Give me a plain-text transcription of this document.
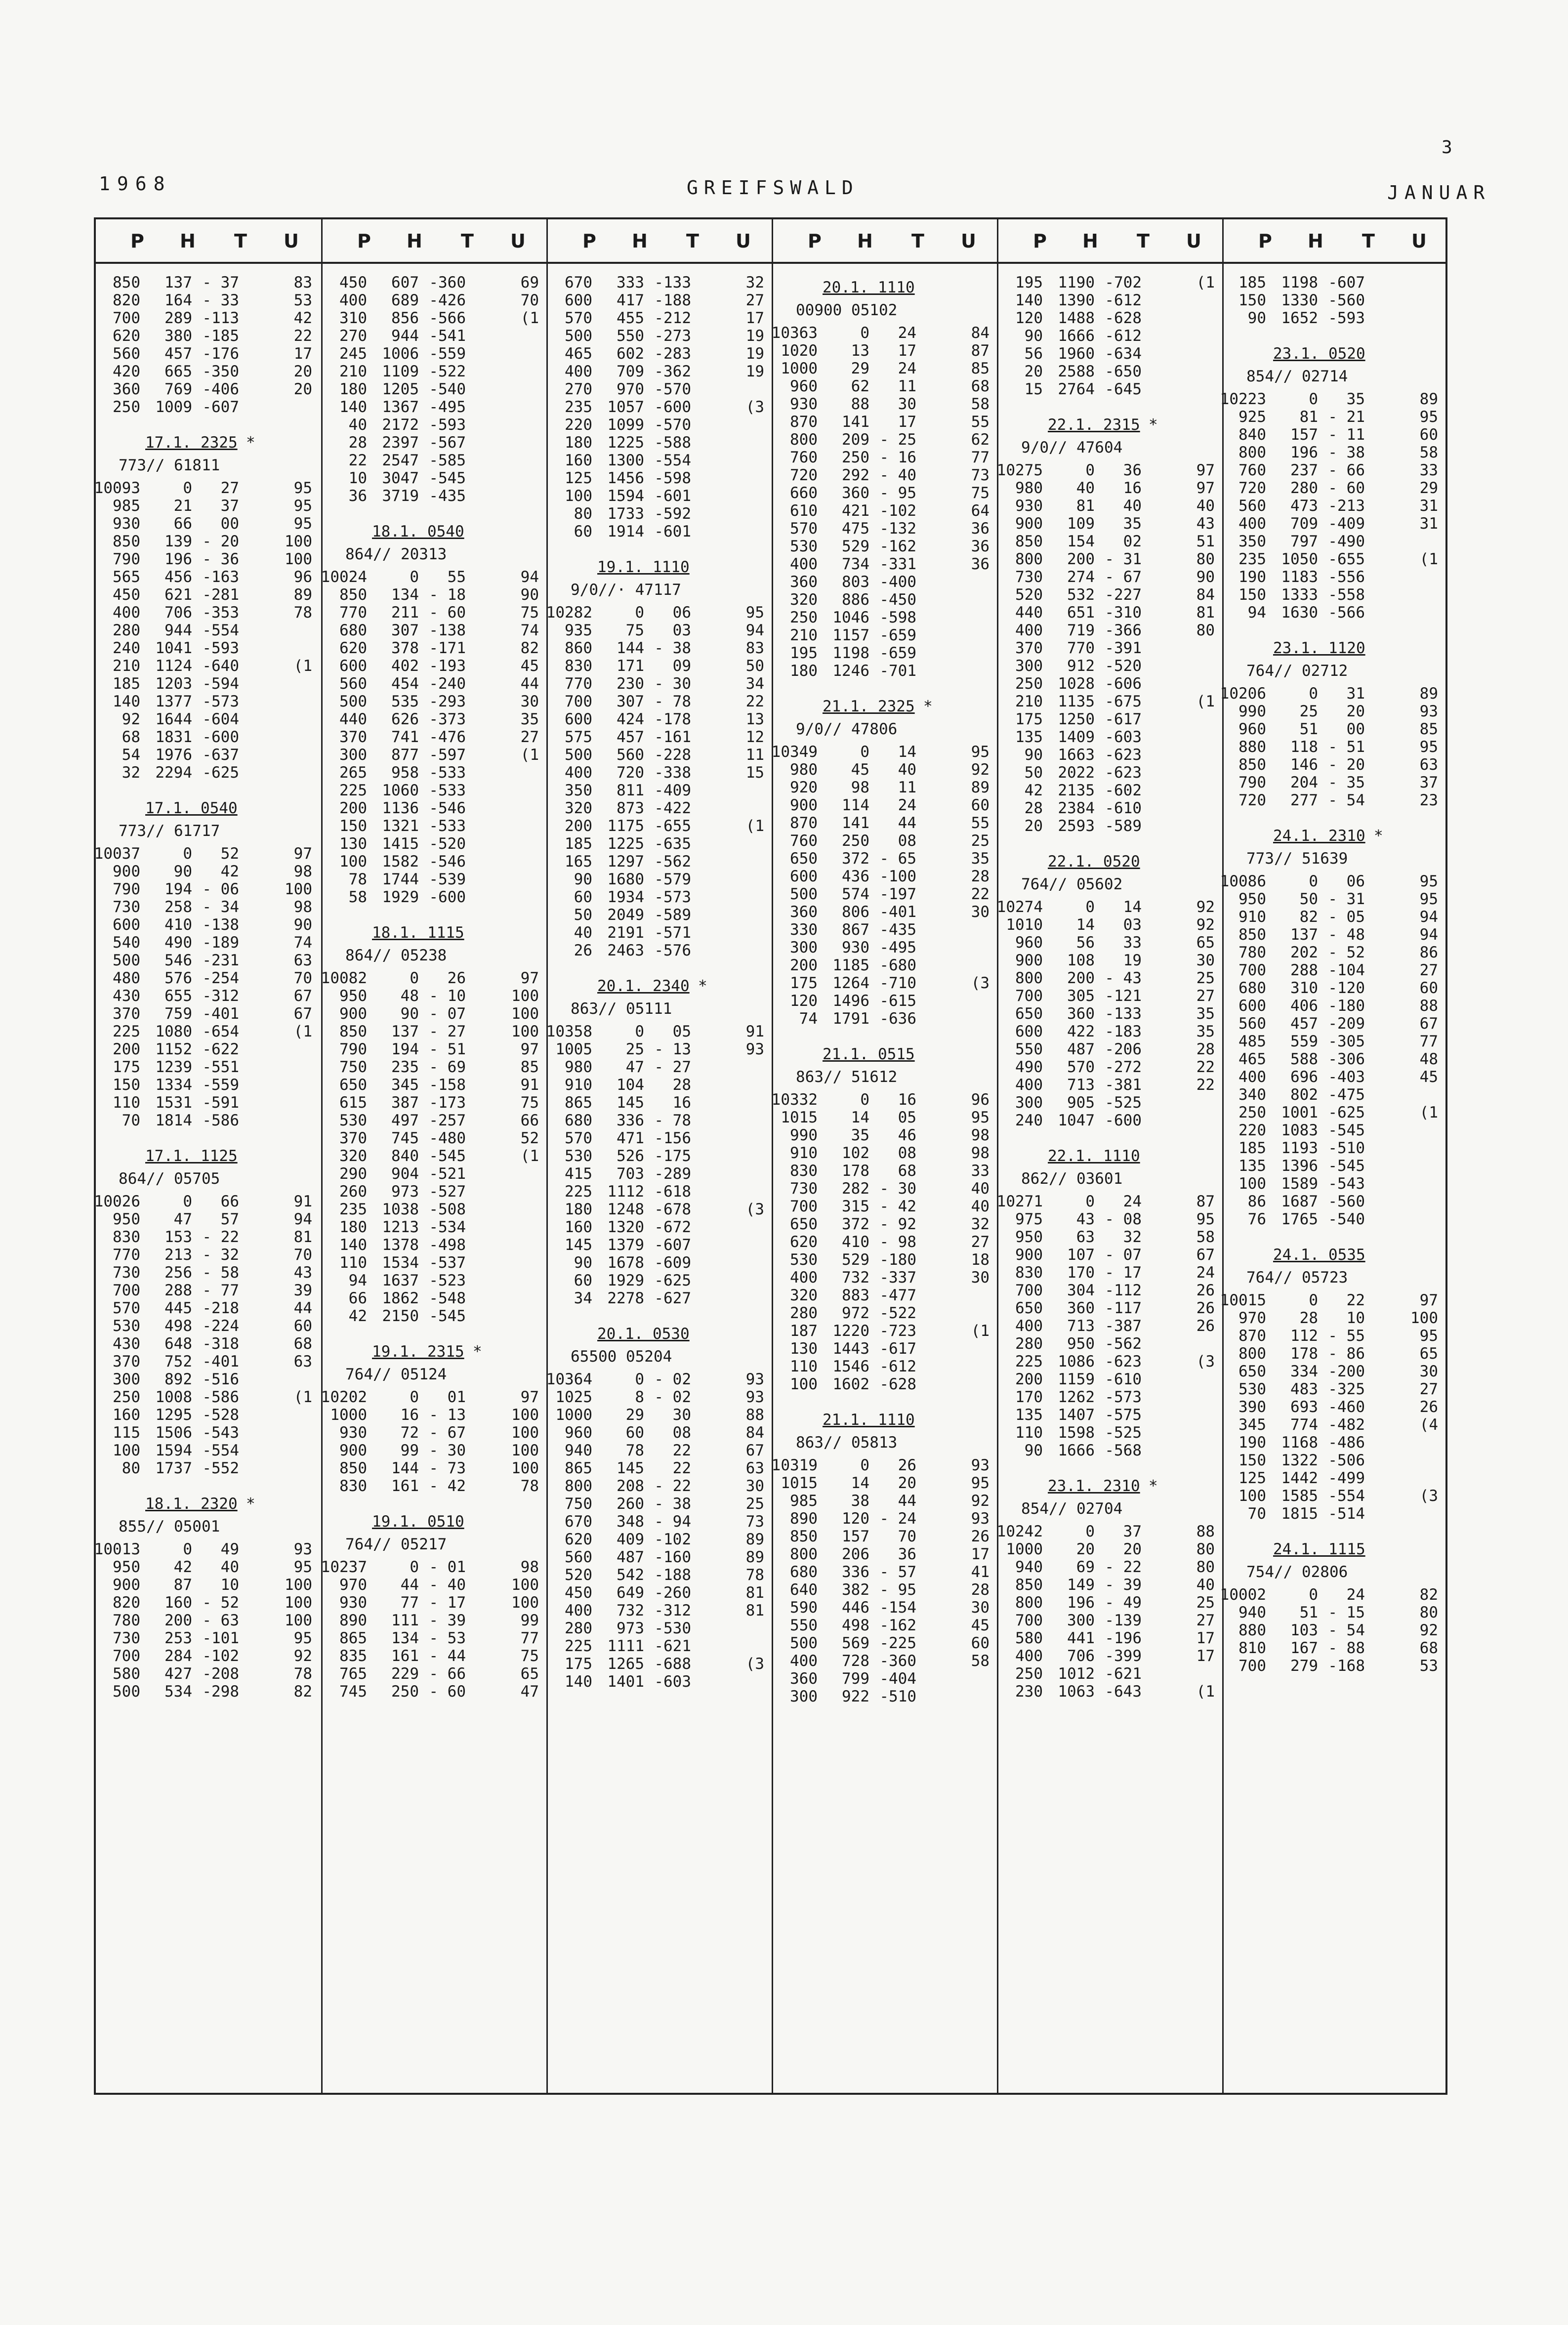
3
1968	GREIFSWALD	JANUAR
P H T U
850 137 - 37	83
820 164 - 33	53
700 289 -113	42
620 380 -185	22
560 457 -176	17
420 665 -350	20
360 769 -406	20
250 1009 -607
17.1. 2325 *
773// 61811
10093	0 27	95
985 21 37	95
930 66 00	95
850 139 - 20	100
790 196 - 36	100
565 456 -163	96
450 621 -281	89
400 706 -353	78
280 944 -554
240 1041 -593
210 1124 -640	(1
185 1203 -594
140 1377 -573
92 1644 -604
68 1831 -600
54 1976 -637
32 2294 -625
17.1. 0540
773// 61717
10037	0 52	97
900 90 42	98
790 194 - 06	100
730 258 - 34	98
600 410 -138	90
540 490 -189	74
500 546 -231	63
480 576 -254	70
430 655 -312	67
370 759 -401	67
225 1080 -654	(1
200 1152 -622
175 1239 -551
150 1334 -559
110 1531 -591
70 1814 -586
17.1. 1125
864// 05705
10026	0 66	91
950 47 57	94
830 153 - 22	81
770 213 - 32	70
730 256 - 58	43
700 288 - 77	39
570 445 -218	44
530 498 -224	60
430 648 -318	68
370 752 -401	63
300 892 -516
250 1008 -586	(1
160 1295 -528
115 1506 -543
100 1594 -554
80 1737 -552
18.1. 2320 *
855// 05001
10013	0 49	93
950 42 40	95
900 87 10	100
820 160 - 52	100
780 200 - 63	100
730 253 -101	95
700 284 -102	92
580 427 -208	78
500 534 -298	82
P H T U
450 607 -360	69
400 689 -426	70
310 856 -566	(1
270 944 -541
245 1006 -559
210 1109 -522
180 1205 -540
140 1367 -495
40 2172 -593
28 2397 -567
22 2547 -585
10 3047 -545
36 3719 -435
18.1. 0540
864// 20313
10024	0 55	94
850 134 - 18	90
770 211 - 60	75
680 307 -138	74
620 378 -171	82
600 402 -193	45
560 454 -240	44
500 535 -293	30
440 626 -373	35
370 741 -476	27
300 877 -597	(1
265 958 -533
225 1060 -533
200 1136 -546
150 1321 -533
130 1415 -520
100 1582 -546
78 1744 -539
58 1929 -600
18.1. 1115
864// 05238
10082	0 26	97
950 48 - 10	100
900 90 - 07	100
850 137 - 27	100
790 194 - 51	97
750 235 - 69	85
650 345 -158	91
615 387 -173	75
530 497 -257	66
370 745 -480	52
320 840 -545	(1
290 904 -521
260 973 -527
235 1038 -508
180 1213 -534
140 1378 -498
110 1534 -537
94 1637 -523
66 1862 -548
42 2150 -545
19.1. 2315 *
764// 05124
10202	0 01	97
1000 16 - 13	100
930 72 - 67	100
900 99 - 30	100
850 144 - 73	100
830 161 - 42	78
19.1. 0510
764// 05217
10237	0 - 01	98
970 44 - 40	100
930 77 - 17	100
890 111 - 39	99
865 134 - 53	77
835 161 - 44	75
765 229 - 66	65
745 250 - 60	47
P H T U
670 333 -133	32
600 417 -188	27
570 455 -212	17
500 550 -273	19
465 602 -283	19
400 709 -362	19
270 970 -570
235 1057 -600	(3
220 1099 -570
180 1225 -588
160 1300 -554
125 1456 -598
100 1594 -601
80 1733 -592
60 1914 -601
19.1. 1110
9/0//· 47117
10282	0 06	95
935 75 03	94
860 144 - 38	83
830 171 09	50
770 230 - 30	34
700 307 - 78	22
600 424 -178	13
575 457 -161	12
500 560 -228	11
400 720 -338	15
350 811 -409
320 873 -422
200 1175 -655	(1
185 1225 -635
165 1297 -562
90 1680 -579
60 1934 -573
50 2049 -589
40 2191 -571
26 2463 -576
20.1. 2340 *
863// 05111
10358	0 05	91
1005 25 - 13	93
980 47 - 27
910 104 28
865 145 16
680 336 - 78
570 471 -156
530 526 -175
415 703 -289
225 1112 -618
180 1248 -678	(3
160 1320 -672
145 1379 -607
90 1678 -609
60 1929 -625
34 2278 -627
20.1. 0530
65500 05204
10364	0 - 02	93
1025	8 - 02	93
1000 29 30	88
960 60 08	84
940 78 22	67
865 145 22	63
800 208 - 22	30
750 260 - 38	25
670 348 - 94	73
620 409 -102	89
560 487 -160	89
520 542 -188	78
450 649 -260	81
400 732 -312	81
280 973 -530
225 1111 -621
175 1265 -688	(3
140 1401 -603
P H T U
20.1. 1110
00900 05102
10363	0 24	84
1020 13 17	87
1000 29 24	85
960 62 11	68
930 88 30	58
870 141 17	55
800 209 - 25	62
760 250 - 16	77
720 292 - 40	73
660 360 - 95	75
610 421 -102	64
570 475 -132	36
530 529 -162	36
400 734 -331	36
360 803 -400
320 886 -450
250 1046 -598
210 1157 -659
195 1198 -659
180 1246 -701
21.1. 2325 *
9/0// 47806
10349	0 14	95
980 45 40	92
920 98 11	89
900 114 24	60
870 141 44	55
760 250 08	25
650 372 - 65	35
600 436 -100	28
500 574 -197	22
360 806 -401	30
330 867 -435
300 930 -495
200 1185 -680
175 1264 -710	(3
120 1496 -615
74 1791 -636
21.1. 0515
863// 51612
10332	0 16	96
1015 14 05	95
990 35 46	98
910 102 08	98
830 178 68	33
730 282 - 30	40
700 315 - 42	40
650 372 - 92	32
620 410 - 98	27
530 529 -180	18
400 732 -337	30
320 883 -477
280 972 -522
187 1220 -723	(1
130 1443 -617
110 1546 -612
100 1602 -628
21.1. 1110
863// 05813
10319	0 26	93
1015 14 20	95
985 38 44	92
890 120 - 24	93
850 157 70	26
800 206 36	17
680 336 - 57	41
640 382 - 95	28
590 446 -154	30
550 498 -162	45
500 569 -225	60
400 728 -360	58
360 799 -404
300 922 -510
P H T U
195 1190 -702	(1
140 1390 -612
120 1488 -628
90 1666 -612
56 1960 -634
20 2588 -650
15 2764 -645
22.1. 2315 *
9/0// 47604
10275	0 36	97
980 40 16	97
930 81 40	40
900 109 35	43
850 154 02	51
800 200 - 31	80
730 274 - 67	90
520 532 -227	84
440 651 -310	81
400 719 -366	80
370 770 -391
300 912 -520
250 1028 -606
210 1135 -675	(1
175 1250 -617
135 1409 -603
90 1663 -623
50 2022 -623
42 2135 -602
28 2384 -610
20 2593 -589
22.1. 0520
764// 05602
10274	0 14	92
1010 14 03	92
960 56 33	65
900 108 19	30
800 200 - 43	25
700 305 -121	27
650 360 -133	35
600 422 -183	35
550 487 -206	28
490 570 -272	22
400 713 -381	22
300 905 -525
240 1047 -600
22.1. 1110
862// 03601
10271	0 24	87
975 43 - 08	95
950 63 32	58
900 107 - 07	67
830 170 - 17	24
700 304 -112	26
650 360 -117	26
400 713 -387	26
280 950 -562
225 1086 -623	(3
200 1159 -610
170 1262 -573
135 1407 -575
110 1598 -525
90 1666 -568
23.1. 2310 *
854// 02704
10242	0 37	88
1000 20 20	80
940 69 - 22	80
850 149 - 39	40
800 196 - 49	25
700 300 -139	27
580 441 -196	17
400 706 -399	17
250 1012 -621
230 1063 -643	(1
P H T U
185 1198 -607
150 1330 -560
90 1652 -593
23.1. 0520
854// 02714
10223	0 35	89
925 81 - 21	95
840 157 - 11	60
800 196 - 38	58
760 237 - 66	33
720 280 - 60	29
560 473 -213	31
400 709 -409	31
350 797 -490
235 1050 -655	(1
190 1183 -556
150 1333 -558
94 1630 -566
23.1. 1120
764// 02712
10206	0 31	89
990 25 20	93
960 51 00	85
880 118 - 51	95
850 146 - 20	63
790 204 - 35	37
720 277 - 54	23
24.1. 2310 *
773// 51639
10086	0 06	95
950 50 - 31	95
910 82 - 05	94
850 137 - 48	94
780 202 - 52	86
700 288 -104	27
680 310 -120	60
600 406 -180	88
560 457 -209	67
485 559 -305	77
465 588 -306	48
400 696 -403	45
340 802 -475
250 1001 -625	(1
220 1083 -545
185 1193 -510
135 1396 -545
100 1589 -543
86 1687 -560
76 1765 -540
24.1. 0535
764// 05723
10015	0 22	97
970 28 10	100
870 112 - 55	95
800 178 - 86	65
650 334 -200	30
530 483 -325	27
390 693 -460	26
345 774 -482	(4
190 1168 -486
150 1322 -506
125 1442 -499
100 1585 -554	(3
70 1815 -514
24.1. 1115
754// 02806
10002	0 24	82
940 51 - 15	80
880 103 - 54	92
810 167 - 88	68
700 279 -168	53
